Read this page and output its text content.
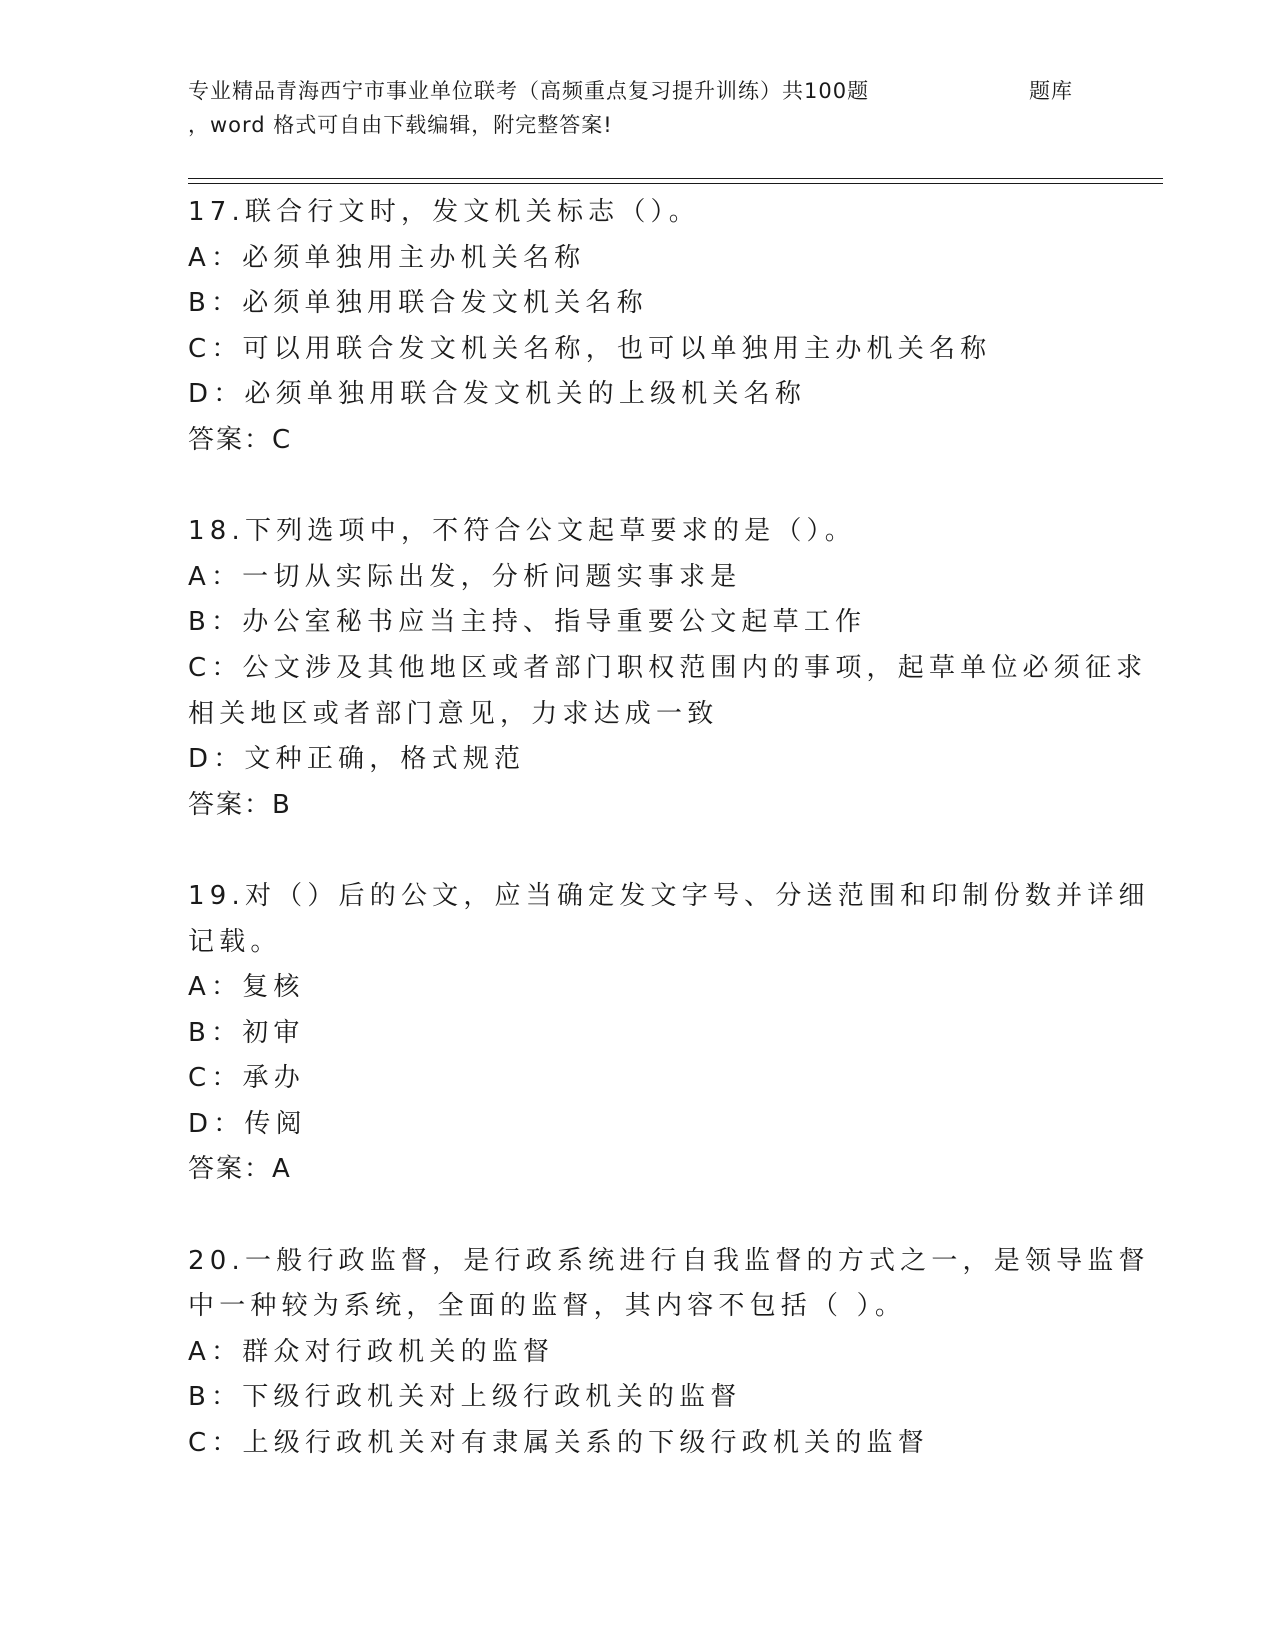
专业精品青海西宁市事业单位联考（高频重点复习提升训练）共100题	题库
，word 格式可自由下载编辑，附完整答案!
17.联合行文时，发文机关标志（）。
A：必须单独用主办机关名称
B：必须单独用联合发文机关名称
C：可以用联合发文机关名称，也可以单独用主办机关名称
D：必须单独用联合发文机关的上级机关名称
答案：C
18.下列选项中，不符合公文起草要求的是（）。
A：一切从实际出发，分析问题实事求是
B：办公室秘书应当主持、指导重要公文起草工作
C：公文涉及其他地区或者部门职权范围内的事项，起草单位必须征求
相关地区或者部门意见，力求达成一致
D：文种正确，格式规范
答案：B
19.对（）后的公文，应当确定发文字号、分送范围和印制份数并详细
记载。
A：复核
B：初审
C：承办
D：传阅
答案：A
20.一般行政监督，是行政系统进行自我监督的方式之一，是领导监督
中一种较为系统，全面的监督，其内容不包括（ ）。
A：群众对行政机关的监督
B：下级行政机关对上级行政机关的监督
C：上级行政机关对有隶属关系的下级行政机关的监督
